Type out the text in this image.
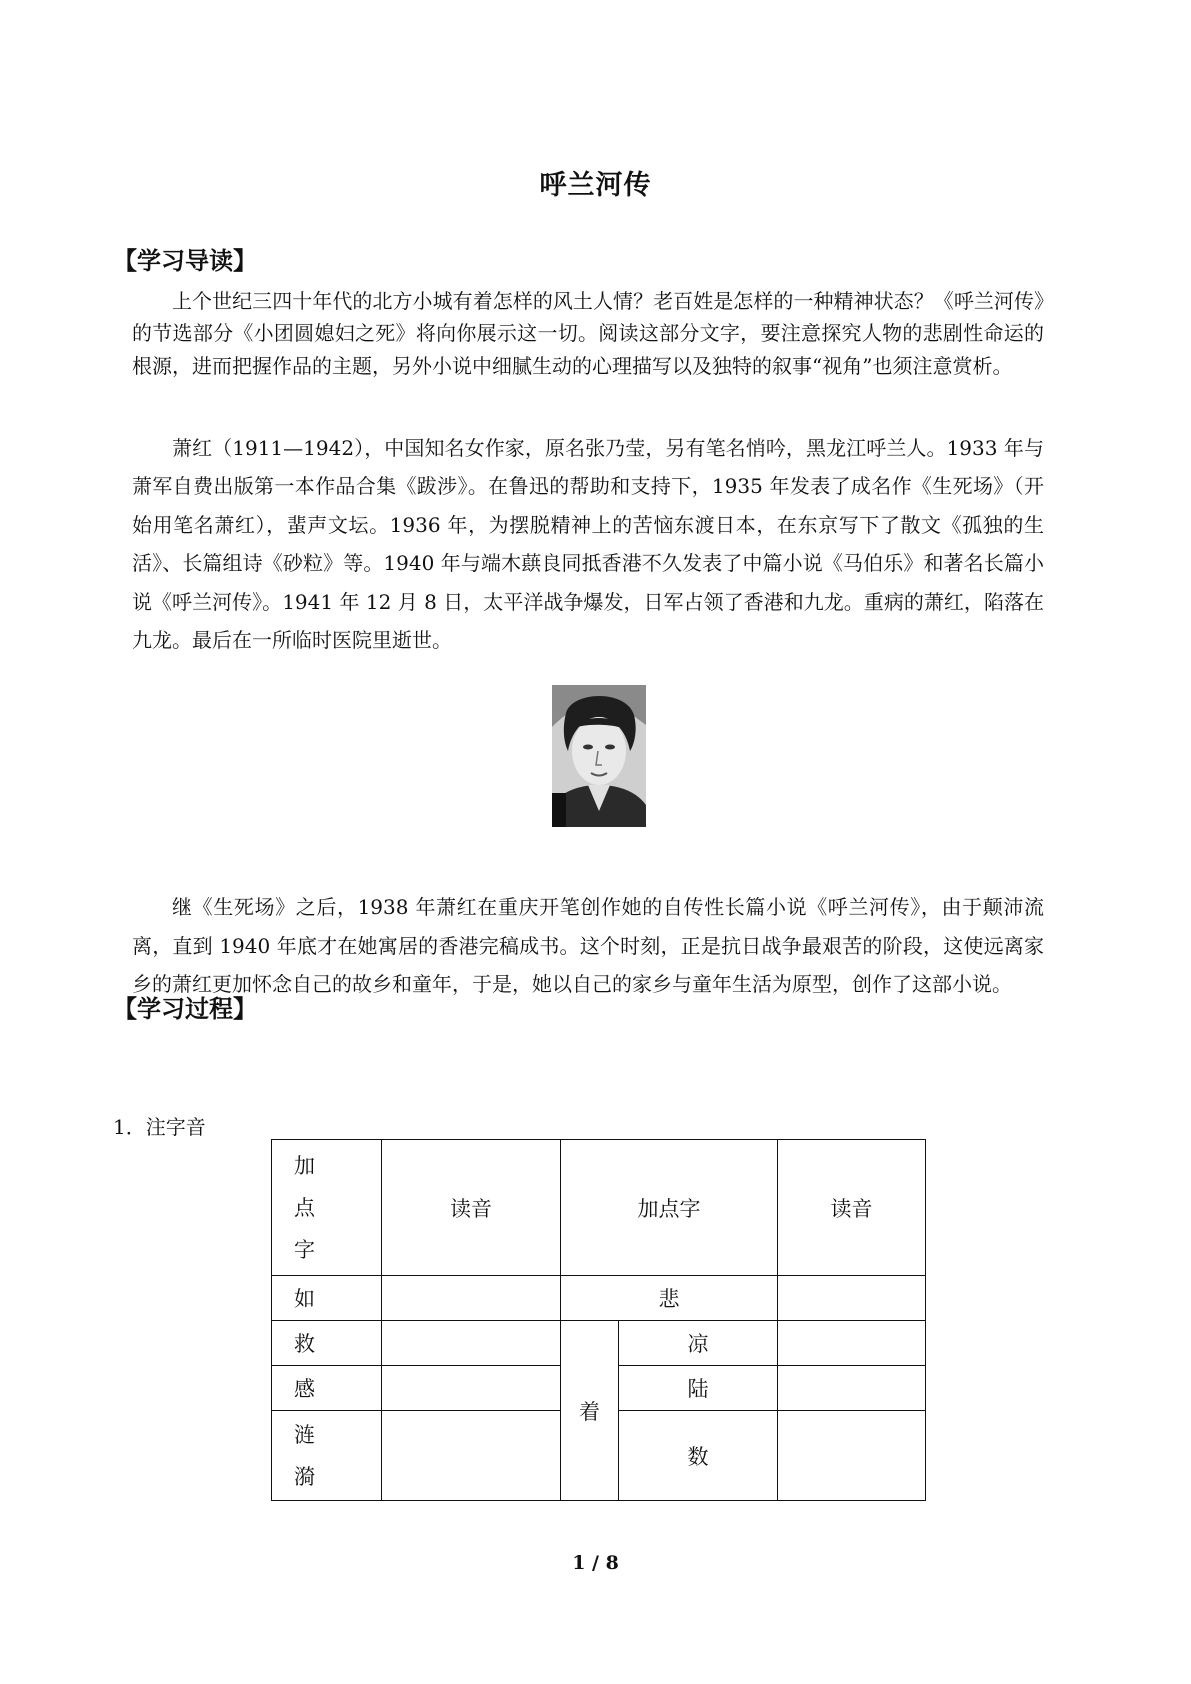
呼兰河传
【学习导读】

上个世纪三四十年代的北方小城有着怎样的风土人情？老百姓是怎样的一种精神状态？《呼兰河传》的节选部分《小团圆媳妇之死》将向你展示这一切。阅读这部分文字，要注意探究人物的悲剧性命运的根源，进而把握作品的主题，另外小说中细腻生动的心理描写以及独特的叙事“视角”也须注意赏析。

萧红（1911—1942），中国知名女作家，原名张乃莹，另有笔名悄吟，黑龙江呼兰人。1933 年与萧军自费出版第一本作品合集《跋涉》。在鲁迅的帮助和支持下，1935 年发表了成名作《生死场》（开始用笔名萧红），蜚声文坛。1936 年，为摆脱精神上的苦恼东渡日本，在东京写下了散文《孤独的生活》、长篇组诗《砂粒》等。1940 年与端木蕻良同抵香港不久发表了中篇小说《马伯乐》和著名长篇小说《呼兰河传》。1941 年 12 月 8 日，太平洋战争爆发，日军占领了香港和九龙。重病的萧红，陷落在九龙。最后在一所临时医院里逝世。

继《生死场》之后，1938 年萧红在重庆开笔创作她的自传性长篇小说《呼兰河传》，由于颠沛流离，直到 1940 年底才在她寓居的香港完稿成书。这个时刻，正是抗日战争最艰苦的阶段，这使远离家乡的萧红更加怀念自己的故乡和童年，于是，她以自己的家乡与童年生活为原型，创作了这部小说。

【学习过程】
1．注字音
加点字	读音	加点字		读音
如		悲		
救		着	凉	
感			陆	
涟漪			数	
1 / 8
